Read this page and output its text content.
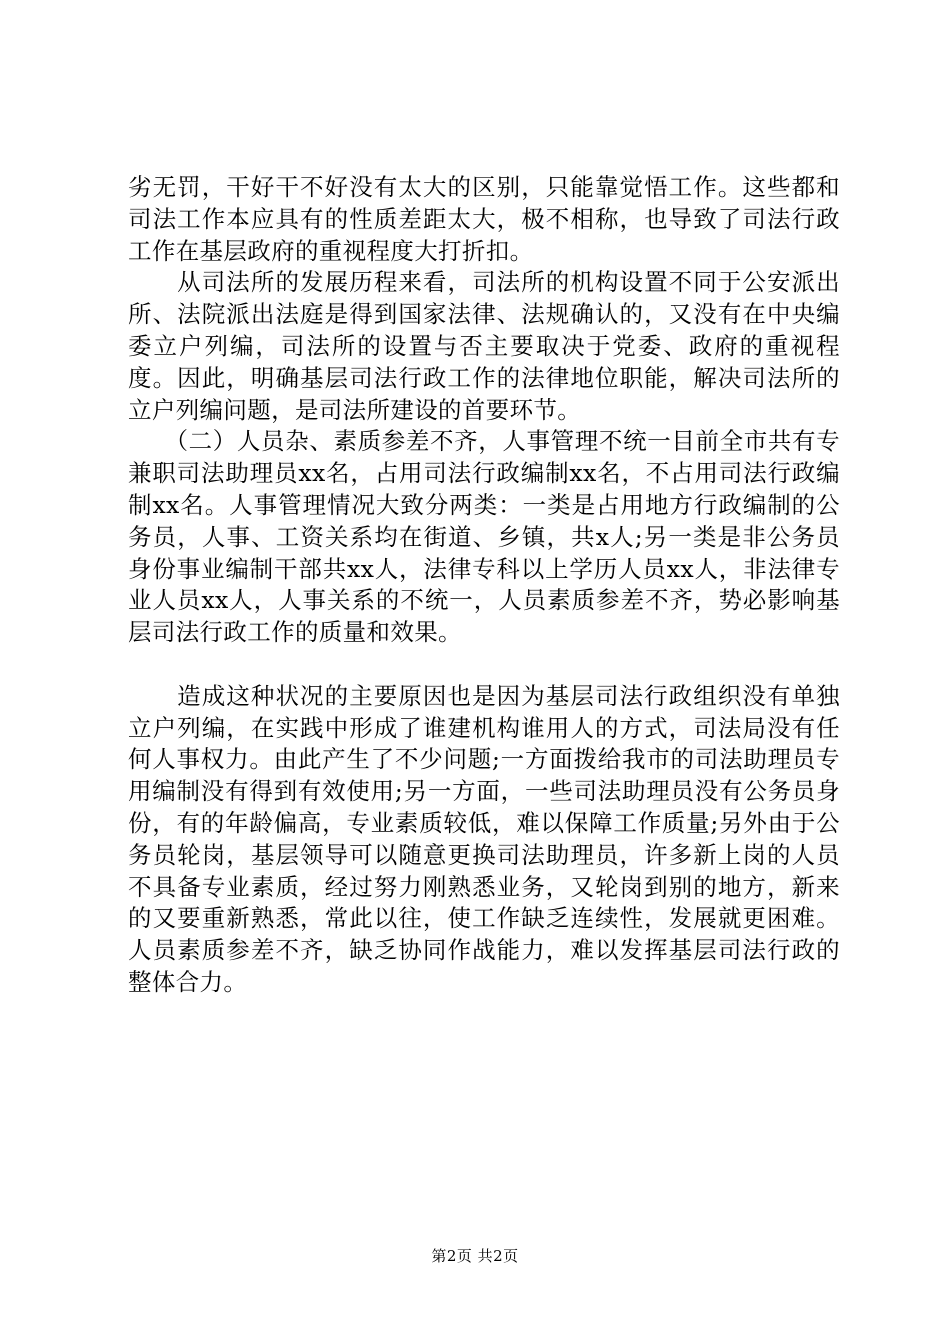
劣无罚，干好干不好没有太大的区别，只能靠觉悟工作。这些都和司法工作本应具有的性质差距太大，极不相称，也导致了司法行政工作在基层政府的重视程度大打折扣。

　　从司法所的发展历程来看，司法所的机构设置不同于公安派出所、法院派出法庭是得到国家法律、法规确认的，又没有在中央编委立户列编，司法所的设置与否主要取决于党委、政府的重视程度。因此，明确基层司法行政工作的法律地位职能，解决司法所的立户列编问题，是司法所建设的首要环节。

　　（二）人员杂、素质参差不齐，人事管理不统一目前全市共有专兼职司法助理员xx名，占用司法行政编制xx名，不占用司法行政编制xx名。人事管理情况大致分两类：一类是占用地方行政编制的公务员，人事、工资关系均在街道、乡镇，共x人;另一类是非公务员身份事业编制干部共xx人，法律专科以上学历人员xx人，非法律专业人员xx人，人事关系的不统一，人员素质参差不齐，势必影响基层司法行政工作的质量和效果。

　　造成这种状况的主要原因也是因为基层司法行政组织没有单独立户列编，在实践中形成了谁建机构谁用人的方式，司法局没有任何人事权力。由此产生了不少问题;一方面拨给我市的司法助理员专用编制没有得到有效使用;另一方面，一些司法助理员没有公务员身份，有的年龄偏高，专业素质较低，难以保障工作质量;另外由于公务员轮岗，基层领导可以随意更换司法助理员，许多新上岗的人员不具备专业素质，经过努力刚熟悉业务，又轮岗到别的地方，新来的又要重新熟悉，常此以往，使工作缺乏连续性，发展就更困难。人员素质参差不齐，缺乏协同作战能力，难以发挥基层司法行政的整体合力。

第2页 共2页
